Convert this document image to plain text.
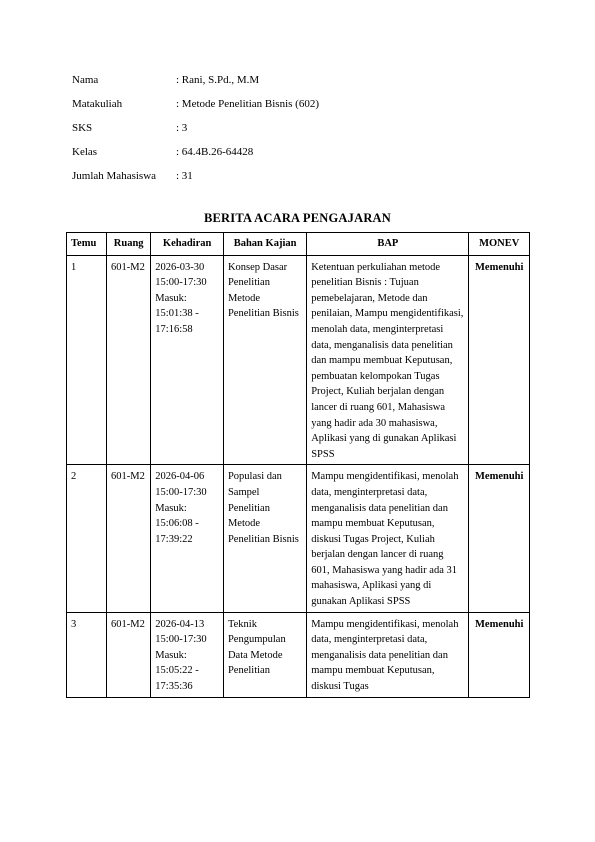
Nama	: Rani, S.Pd., M.M
Matakuliah	: Metode Penelitian Bisnis (602)
SKS	: 3
Kelas	: 64.4B.26-64428
Jumlah Mahasiswa	: 31
BERITA ACARA PENGAJARAN
Temu	Ruang	Kehadiran	Bahan Kajian	BAP	MONEV
1	601-M2	2026-03-30 15:00-17:30 Masuk: 15:01:38 - 17:16:58	Konsep Dasar Penelitian Metode Penelitian Bisnis	Ketentuan perkuliahan metode penelitian Bisnis : Tujuan pemebelajaran, Metode dan penilaian, Mampu mengidentifikasi, menolah data, menginterpretasi data, menganalisis data penelitian dan mampu membuat Keputusan, pembuatan kelompokan Tugas Project, Kuliah berjalan dengan lancer di ruang 601, Mahasiswa yang hadir ada 30 mahasiswa, Aplikasi yang di gunakan Aplikasi SPSS	Memenuhi
2	601-M2	2026-04-06 15:00-17:30 Masuk: 15:06:08 - 17:39:22	Populasi dan Sampel Penelitian Metode Penelitian Bisnis	Mampu mengidentifikasi, menolah data, menginterpretasi data, menganalisis data penelitian dan mampu membuat Keputusan, diskusi Tugas Project, Kuliah berjalan dengan lancer di ruang 601, Mahasiswa yang hadir ada 31 mahasiswa, Aplikasi yang di gunakan Aplikasi SPSS	Memenuhi
3	601-M2	2026-04-13 15:00-17:30 Masuk: 15:05:22 - 17:35:36	Teknik Pengumpulan Data Metode Penelitian	Mampu mengidentifikasi, menolah data, menginterpretasi data, menganalisis data penelitian dan mampu membuat Keputusan, diskusi Tugas	Memenuhi
